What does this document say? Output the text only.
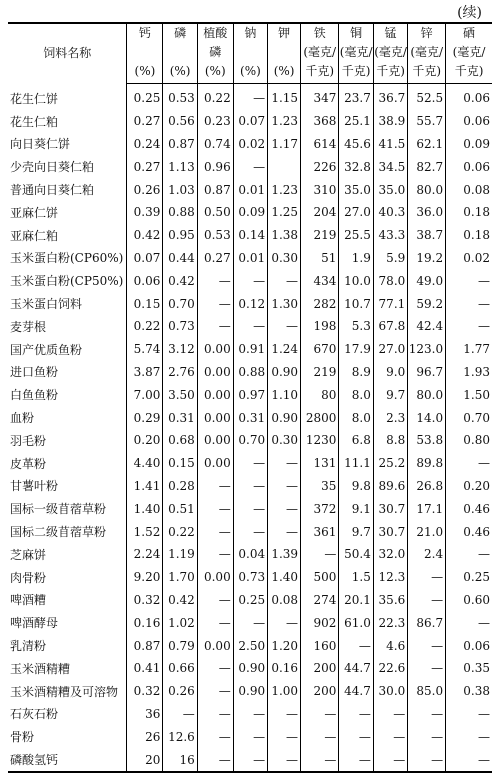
(续)
饲料名称	钙	磷	植酸	钠	钾	铁	铜	锰	锌	硒
			磷			(毫克/	(毫克/	(毫克/	(毫克/	(毫克/
	(%)	(%)	(%)	(%)	(%)	千克)	千克)	千克)	千克)	千克)
花生仁饼	0.25	0.53	0.22	—	1.15	347	23.7	36.7	52.5	0.06
花生仁粕	0.27	0.56	0.23	0.07	1.23	368	25.1	38.9	55.7	0.06
向日葵仁饼	0.24	0.87	0.74	0.02	1.17	614	45.6	41.5	62.1	0.09
少壳向日葵仁粕	0.27	1.13	0.96	—		226	32.8	34.5	82.7	0.06
普通向日葵仁粕	0.26	1.03	0.87	0.01	1.23	310	35.0	35.0	80.0	0.08
亚麻仁饼	0.39	0.88	0.50	0.09	1.25	204	27.0	40.3	36.0	0.18
亚麻仁粕	0.42	0.95	0.53	0.14	1.38	219	25.5	43.3	38.7	0.18
玉米蛋白粉(CP60%)	0.07	0.44	0.27	0.01	0.30	51	1.9	5.9	19.2	0.02
玉米蛋白粉(CP50%)	0.06	0.42	—	—	—	434	10.0	78.0	49.0	—
玉米蛋白饲料	0.15	0.70	—	0.12	1.30	282	10.7	77.1	59.2	—
麦芽根	0.22	0.73	—	—	—	198	5.3	67.8	42.4	—
国产优质鱼粉	5.74	3.12	0.00	0.91	1.24	670	17.9	27.0	123.0	1.77
进口鱼粉	3.87	2.76	0.00	0.88	0.90	219	8.9	9.0	96.7	1.93
白鱼鱼粉	7.00	3.50	0.00	0.97	1.10	80	8.0	9.7	80.0	1.50
血粉	0.29	0.31	0.00	0.31	0.90	2800	8.0	2.3	14.0	0.70
羽毛粉	0.20	0.68	0.00	0.70	0.30	1230	6.8	8.8	53.8	0.80
皮革粉	4.40	0.15	0.00	—	—	131	11.1	25.2	89.8	—
甘薯叶粉	1.41	0.28	—	—	—	35	9.8	89.6	26.8	0.20
国标一级苜蓿草粉	1.40	0.51	—	—	—	372	9.1	30.7	17.1	0.46
国标二级苜蓿草粉	1.52	0.22	—	—	—	361	9.7	30.7	21.0	0.46
芝麻饼	2.24	1.19	—	0.04	1.39	—	50.4	32.0	2.4	—
肉骨粉	9.20	1.70	0.00	0.73	1.40	500	1.5	12.3	—	0.25
啤酒糟	0.32	0.42	—	0.25	0.08	274	20.1	35.6	—	0.60
啤酒酵母	0.16	1.02	—	—	—	902	61.0	22.3	86.7	—
乳清粉	0.87	0.79	0.00	2.50	1.20	160	—	4.6	—	0.06
玉米酒精糟	0.41	0.66	—	0.90	0.16	200	44.7	22.6	—	0.35
玉米酒精糟及可溶物	0.32	0.26	—	0.90	1.00	200	44.7	30.0	85.0	0.38
石灰石粉	36	—	—	—	—	—	—	—	—	—
骨粉	26	12.6	—	—	—	—	—	—	—	—
磷酸氢钙	20	16	—	—	—	—	—	—	—	—
